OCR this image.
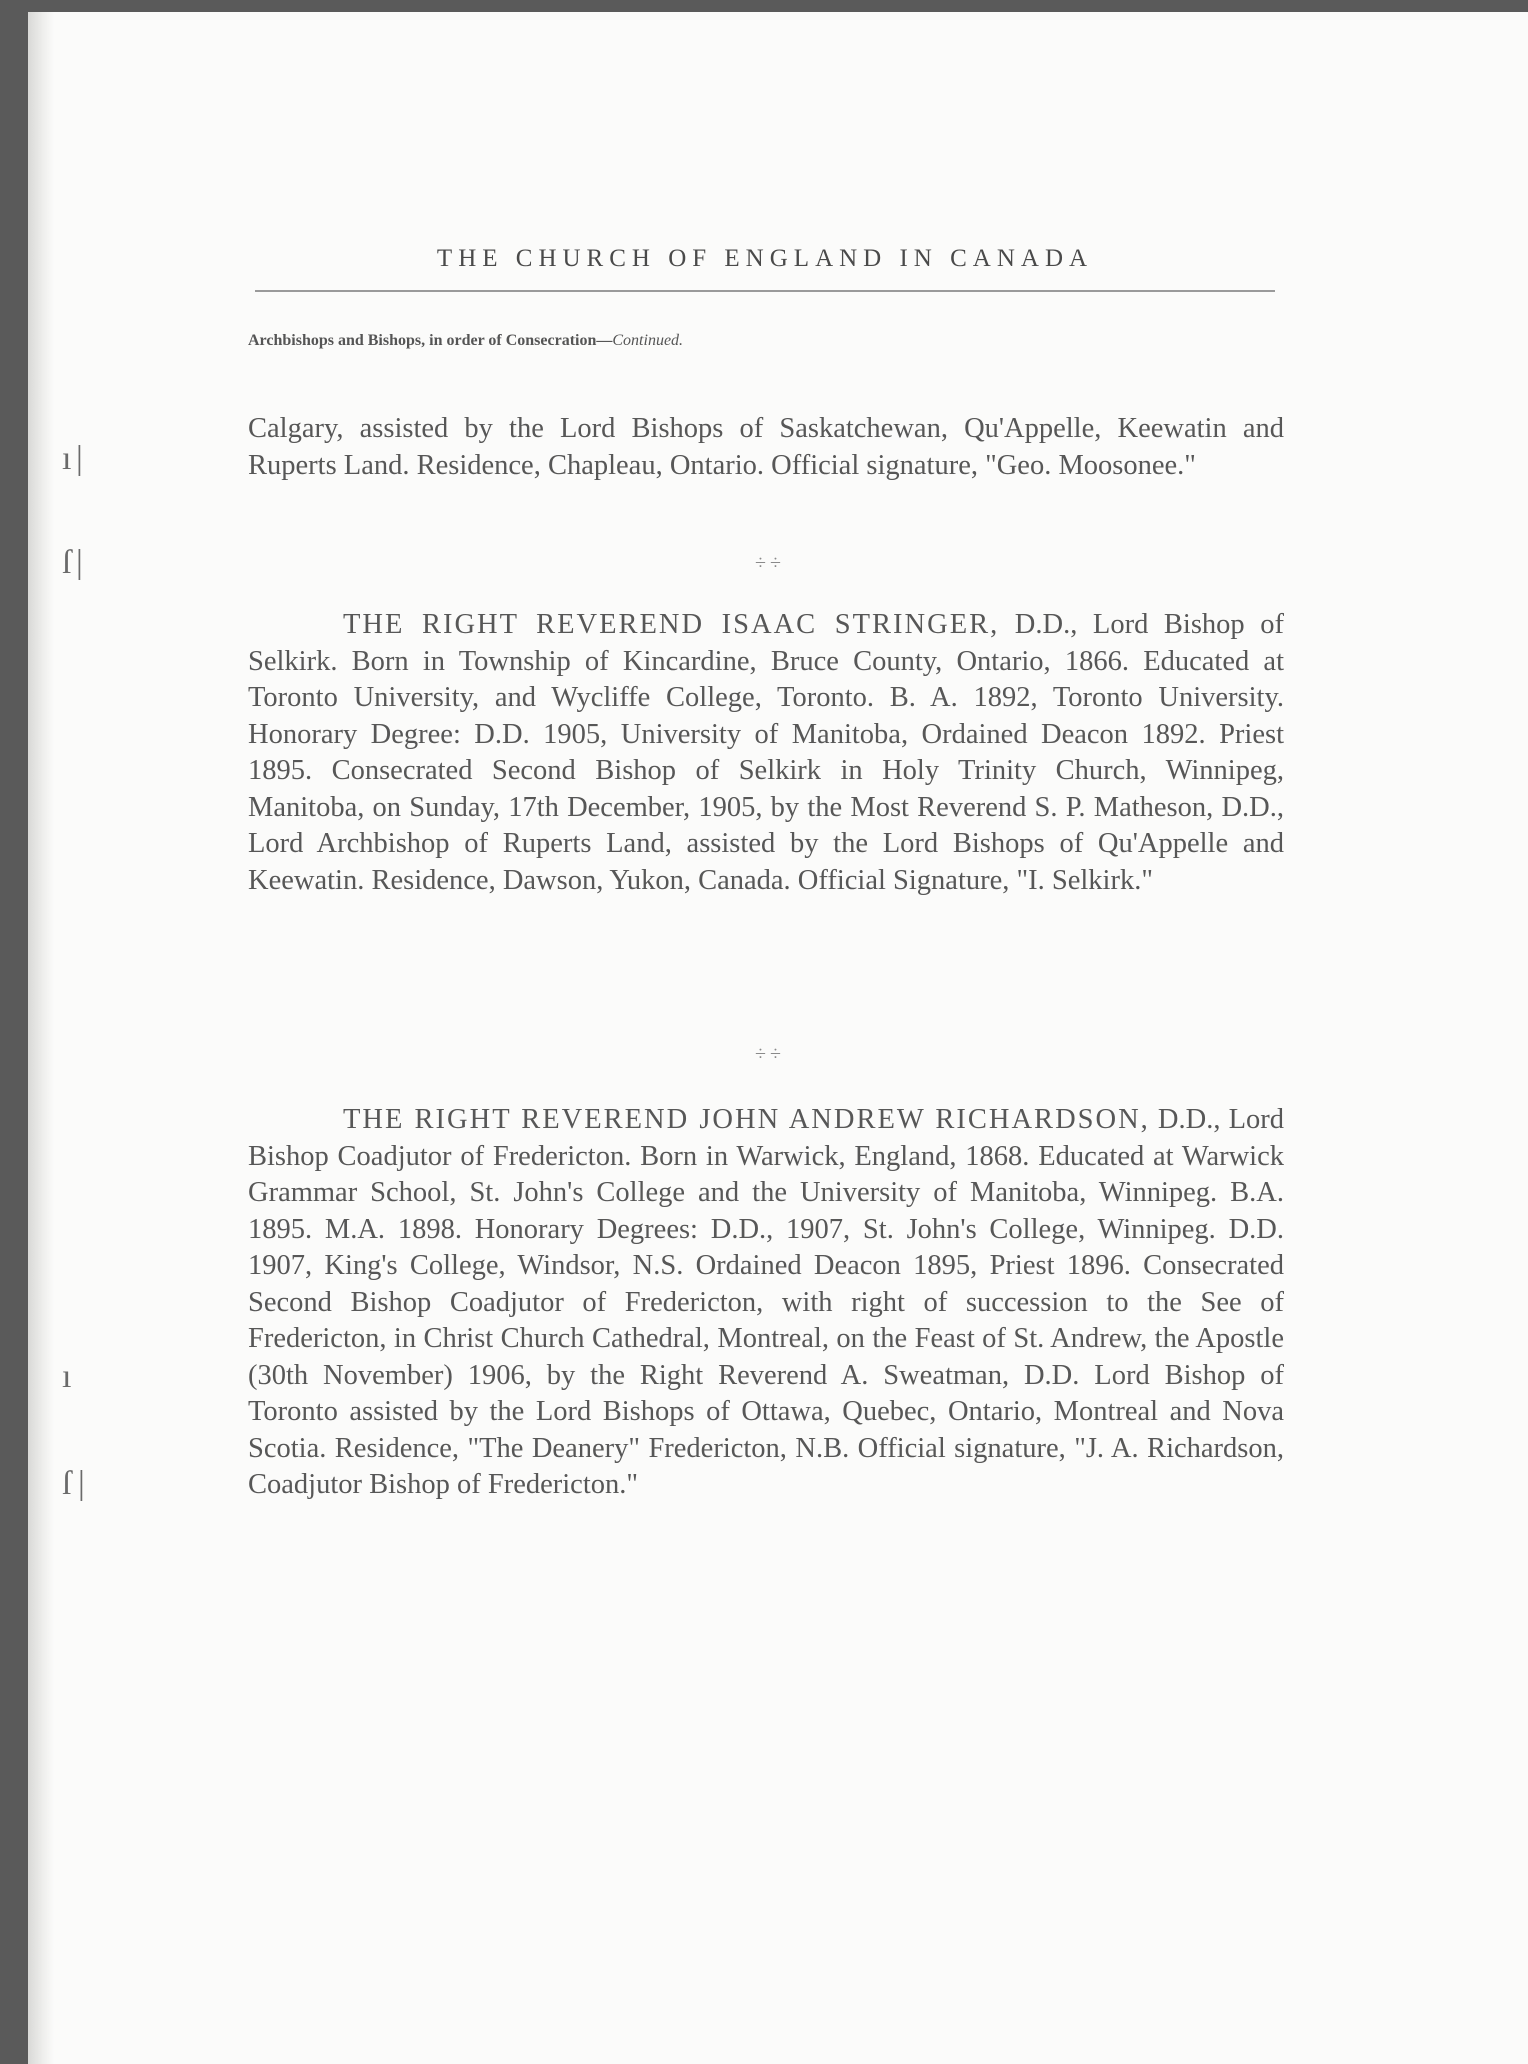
ı |
ſ |
ı
ſ |
THE CHURCH OF ENGLAND IN CANADA
Archbishops and Bishops, in order of Consecration—Continued.
Calgary, assisted by the Lord Bishops of Saskatchewan, Qu'Appelle, Keewatin and Ruperts Land. Residence, Chapleau, Ontario. Official signature, "Geo. Moosonee."
÷÷
THE RIGHT REVEREND ISAAC STRINGER, D.D., Lord Bishop of Selkirk. Born in Township of Kincardine, Bruce County, Ontario, 1866. Educated at Toronto University, and Wycliffe College, Toronto. B. A. 1892, Toronto University. Honorary Degree: D.D. 1905, University of Manitoba, Ordained Deacon 1892. Priest 1895. Consecrated Second Bishop of Selkirk in Holy Trinity Church, Winnipeg, Manitoba, on Sunday, 17th December, 1905, by the Most Reverend S. P. Matheson, D.D., Lord Archbishop of Ruperts Land, assisted by the Lord Bishops of Qu'Appelle and Keewatin. Residence, Dawson, Yukon, Canada. Official Signature, "I. Selkirk."
÷÷
THE RIGHT REVEREND JOHN ANDREW RICHARDSON, D.D., Lord Bishop Coadjutor of Fredericton. Born in Warwick, England, 1868. Educated at Warwick Grammar School, St. John's College and the University of Manitoba, Winnipeg. B.A. 1895. M.A. 1898. Honorary Degrees: D.D., 1907, St. John's College, Winnipeg. D.D. 1907, King's College, Windsor, N.S. Ordained Deacon 1895, Priest 1896. Consecrated Second Bishop Coadjutor of Fredericton, with right of succession to the See of Fredericton, in Christ Church Cathedral, Montreal, on the Feast of St. Andrew, the Apostle (30th November) 1906, by the Right Reverend A. Sweatman, D.D. Lord Bishop of Toronto assisted by the Lord Bishops of Ottawa, Quebec, Ontario, Montreal and Nova Scotia. Residence, "The Deanery" Fredericton, N.B. Official signature, "J. A. Richardson, Coadjutor Bishop of Fredericton."
